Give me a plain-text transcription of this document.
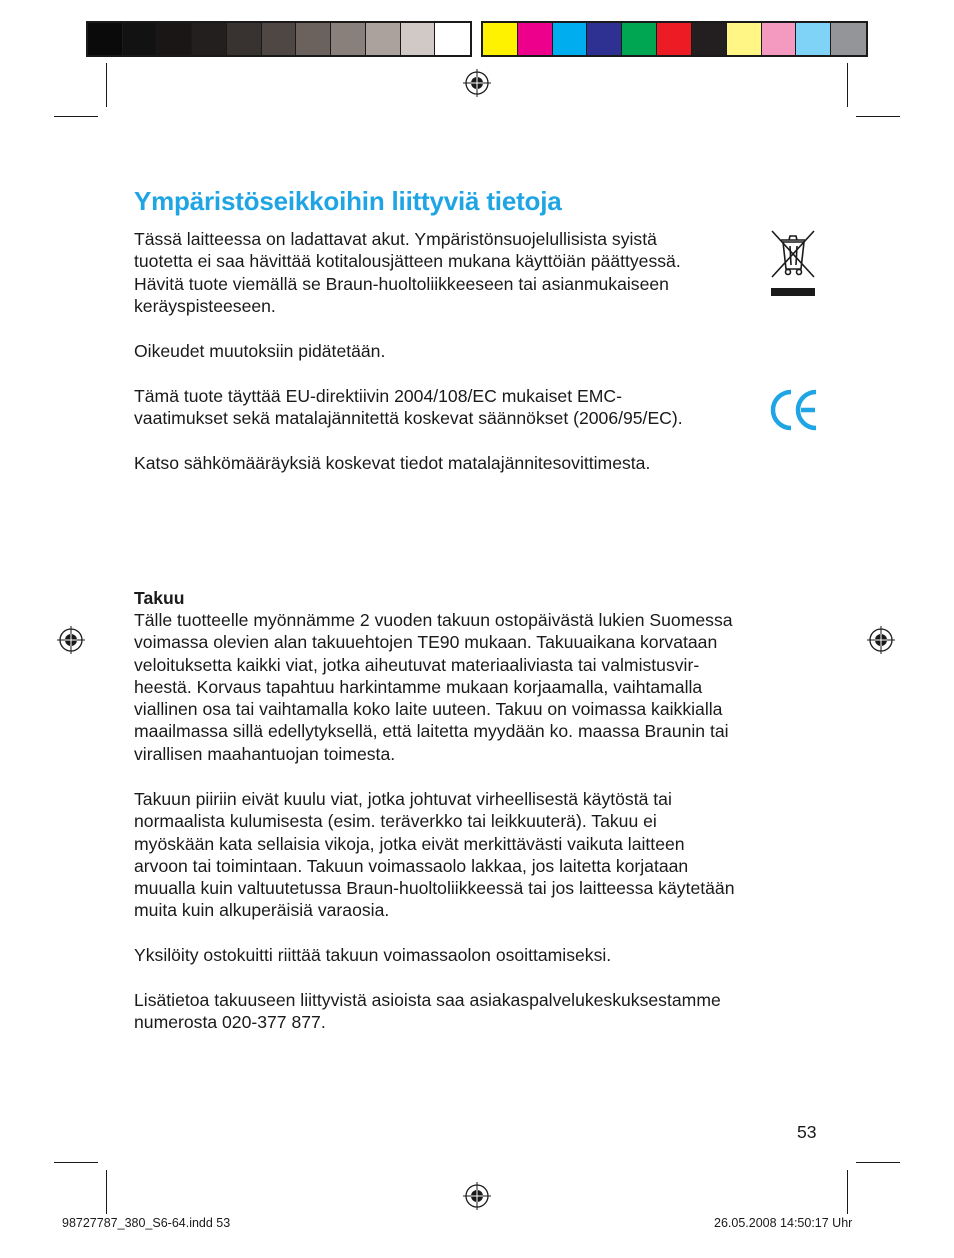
Ympäristöseikkoihin liittyviä tietoja

Tässä laitteessa on ladattavat akut. Ympäristönsuojelullisista syistä
tuotetta ei saa hävittää kotitalousjätteen mukana käyttöiän päättyessä.
Hävitä tuote viemällä se Braun-huoltoliikkeeseen tai asianmukaiseen
keräyspisteeseen.

Oikeudet muutoksiin pidätetään.

Tämä tuote täyttää EU-direktiivin 2004/108/EC mukaiset EMC-
vaatimukset sekä matalajännitettä koskevat säännökset (2006/95/EC).

Katso sähkömääräyksiä koskevat tiedot matalajännitesovittimesta.

Takuu

Tälle tuotteelle myönnämme 2 vuoden takuun ostopäivästä lukien Suomessa
voimassa olevien alan takuuehtojen TE90 mukaan. Takuuaikana korvataan
veloituksetta kaikki viat, jotka aiheutuvat materiaaliviasta tai valmistusvir-
heestä. Korvaus tapahtuu harkintamme mukaan korjaamalla, vaihtamalla
viallinen osa tai vaihtamalla koko laite uuteen. Takuu on voimassa kaikkialla
maailmassa sillä edellytyksellä, että laitetta myydään ko. maassa Braunin tai
virallisen maahantuojan toimesta.

Takuun piiriin eivät kuulu viat, jotka johtuvat virheellisestä käytöstä tai
normaalista kulumisesta (esim. teräverkko tai leikkuuterä). Takuu ei
myöskään kata sellaisia vikoja, jotka eivät merkittävästi vaikuta laitteen
arvoon tai toimintaan. Takuun voimassaolo lakkaa, jos laitetta korjataan
muualla kuin valtuutetussa Braun-huoltoliikkeessä tai jos laitteessa käytetään
muita kuin alkuperäisiä varaosia.

Yksilöity ostokuitti riittää takuun voimassaolon osoittamiseksi.

Lisätietoa takuuseen liittyvistä asioista saa asiakaspalvelukeskuksestamme
numerosta 020-377 877.

53
98727787_380_S6-64.indd 53	26.05.2008 14:50:17 Uhr
